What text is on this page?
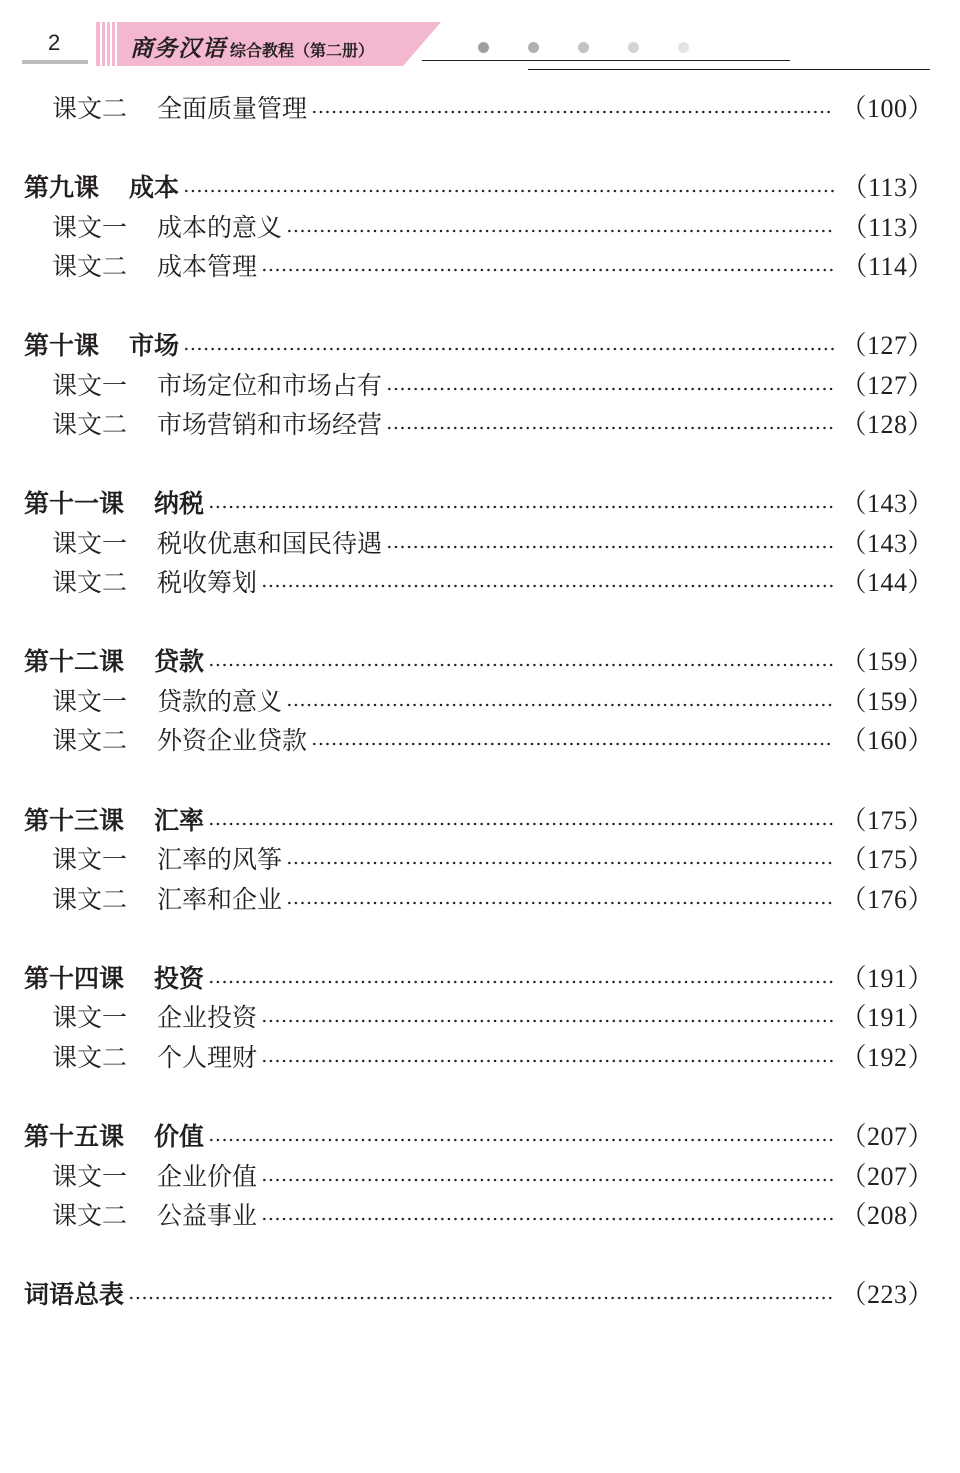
2	商务汉语 综合教程（第二册）
课文二 全面质量管理	（100）
第九课 成本	（113）
课文一 成本的意义	（113）
课文二 成本管理	（114）
第十课 市场	（127）
课文一 市场定位和市场占有	（127）
课文二 市场营销和市场经营	（128）
第十一课 纳税	（143）
课文一 税收优惠和国民待遇	（143）
课文二 税收筹划	（144）
第十二课 贷款	（159）
课文一 贷款的意义	（159）
课文二 外资企业贷款	（160）
第十三课 汇率	（175）
课文一 汇率的风筝	（175）
课文二 汇率和企业	（176）
第十四课 投资	（191）
课文一 企业投资	（191）
课文二 个人理财	（192）
第十五课 价值	（207）
课文一 企业价值	（207）
课文二 公益事业	（208）
词语总表	（223）
